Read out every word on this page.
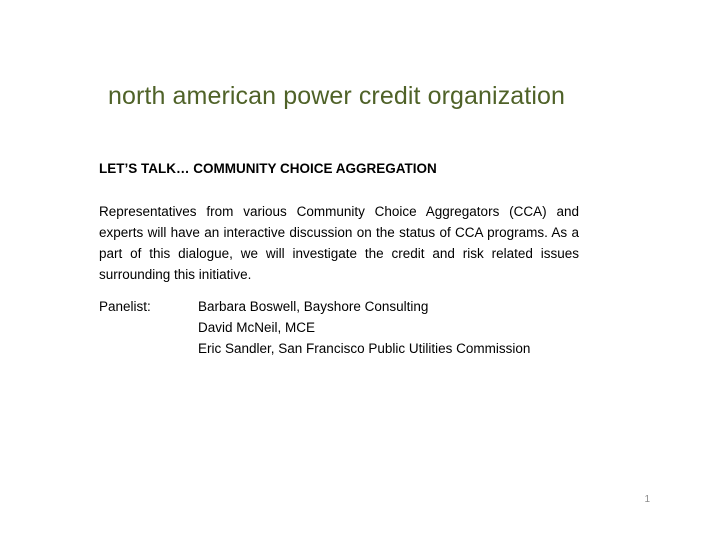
north american power credit organization
LET’S TALK… COMMUNITY CHOICE AGGREGATION
Representatives from various Community Choice Aggregators (CCA) and experts will have an interactive discussion on the status of CCA programs. As a part of this dialogue, we will investigate the credit and risk related issues surrounding this initiative.
Panelist:	Barbara Boswell, Bayshore Consulting
David McNeil, MCE
Eric Sandler, San Francisco Public Utilities Commission
1
